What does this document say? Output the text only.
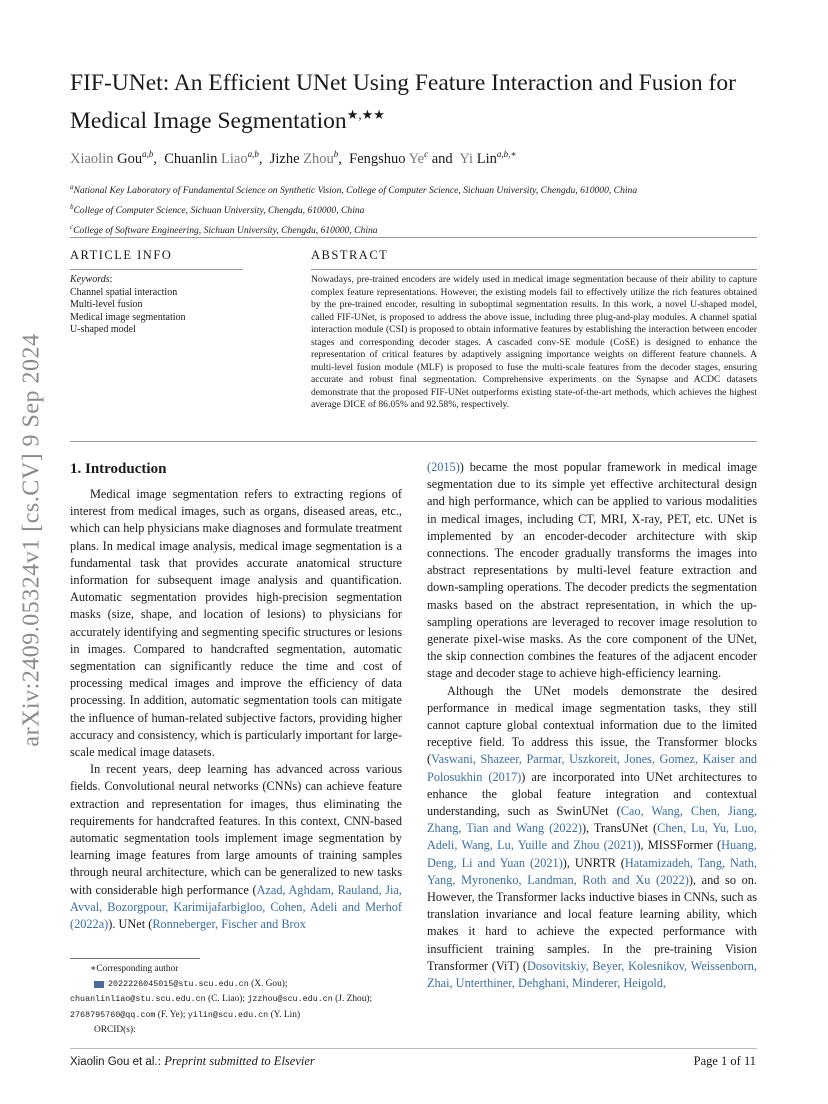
arXiv:2409.05324v1 [cs.CV] 9 Sep 2024
FIF-UNet: An Efficient UNet Using Feature Interaction and Fusion for
Medical Image Segmentation★,★★
Xiaolin Gou$^{a,b}$,  Chuanlin Liao$^{a,b}$,  Jizhe Zhou$^b$,  Fengshuo Ye$^c$ and Yi Lin$^{a,b,∗}$
$^a$National Key Laboratory of Fundamental Science on Synthetic Vision, College of Computer Science, Sichuan University, Chengdu, 610000, China
$^b$College of Computer Science, Sichuan University, Chengdu, 610000, China
$^c$College of Software Engineering, Sichuan University, Chengdu, 610000, China
ARTICLE INFO
Keywords:
Channel spatial interaction
Multi-level fusion
Medical image segmentation
U-shaped model
ABSTRACT
Nowadays, pre-trained encoders are widely used in medical image segmentation because of their ability to capture complex feature representations. However, the existing models fail to effectively utilize the rich features obtained by the pre-trained encoder, resulting in suboptimal segmentation results. In this work, a novel U-shaped model, called FIF-UNet, is proposed to address the above issue, including three plug-and-play modules. A channel spatial interaction module (CSI) is proposed to obtain informative features by establishing the interaction between encoder stages and corresponding decoder stages. A cascaded conv-SE module (CoSE) is designed to enhance the representation of critical features by adaptively assigning importance weights on different feature channels. A multi-level fusion module (MLF) is proposed to fuse the multi-scale features from the decoder stages, ensuring accurate and robust final segmentation. Comprehensive experiments on the Synapse and ACDC datasets demonstrate that the proposed FIF-UNet outperforms existing state-of-the-art methods, which achieves the highest average DICE of 86.05% and 92.58%, respectively.
1. Introduction

Medical image segmentation refers to extracting regions of interest from medical images, such as organs, diseased areas, etc., which can help physicians make diagnoses and formulate treatment plans. In medical image analysis, medical image segmentation is a fundamental task that provides accurate anatomical structure information for subsequent image analysis and quantification. Automatic segmentation provides high-precision segmentation masks (size, shape, and location of lesions) to physicians for accurately identifying and segmenting specific structures or lesions in images. Compared to handcrafted segmentation, automatic segmentation can significantly reduce the time and cost of processing medical images and improve the efficiency of data processing. In addition, automatic segmentation tools can mitigate the influence of human-related subjective factors, providing higher accuracy and consistency, which is particularly important for large-scale medical image datasets.

In recent years, deep learning has advanced across various fields. Convolutional neural networks (CNNs) can achieve feature extraction and representation for images, thus eliminating the requirements for handcrafted features. In this context, CNN-based automatic segmentation tools implement image segmentation by learning image features from large amounts of training samples through neural architecture, which can be generalized to new tasks with considerable high performance (Azad, Aghdam, Rauland, Jia, Avval, Bozorgpour, Karimijafarbigloo, Cohen, Adeli and Merhof (2022a)). UNet (Ronneberger, Fischer and Brox

(2015)) became the most popular framework in medical image segmentation due to its simple yet effective architectural design and high performance, which can be applied to various modalities in medical images, including CT, MRI, X-ray, PET, etc. UNet is implemented by an encoder-decoder architecture with skip connections. The encoder gradually transforms the images into abstract representations by multi-level feature extraction and down-sampling operations. The decoder predicts the segmentation masks based on the abstract representation, in which the up-sampling operations are leveraged to recover image resolution to generate pixel-wise masks. As the core component of the UNet, the skip connection combines the features of the adjacent encoder stage and decoder stage to achieve high-efficiency learning.

Although the UNet models demonstrate the desired performance in medical image segmentation tasks, they still cannot capture global contextual information due to the limited receptive field. To address this issue, the Transformer blocks (Vaswani, Shazeer, Parmar, Uszkoreit, Jones, Gomez, Kaiser and Polosukhin (2017)) are incorporated into UNet architectures to enhance the global feature integration and contextual understanding, such as SwinUNet (Cao, Wang, Chen, Jiang, Zhang, Tian and Wang (2022)), TransUNet (Chen, Lu, Yu, Luo, Adeli, Wang, Lu, Yuille and Zhou (2021)), MISSFormer (Huang, Deng, Li and Yuan (2021)), UNRTR (Hatamizadeh, Tang, Nath, Yang, Myronenko, Landman, Roth and Xu (2022)), and so on. However, the Transformer lacks inductive biases in CNNs, such as translation invariance and local feature learning ability, which makes it hard to achieve the expected performance with insufficient training samples. In the pre-training Vision Transformer (ViT) (Dosovitskiy, Beyer, Kolesnikov, Weissenborn, Zhai, Unterthiner, Dehghani, Minderer, Heigold,

∗Corresponding author
2022226045015@stu.scu.edu.cn (X. Gou);
chuanlinliao@stu.scu.edu.cn (C. Liao); jzzhou@scu.edu.cn (J. Zhou);
2768795760@qq.com (F. Ye); yilin@scu.edu.cn (Y. Lin)
ORCID(s):
Xiaolin Gou et al.: Preprint submitted to Elsevier	Page 1 of 11
